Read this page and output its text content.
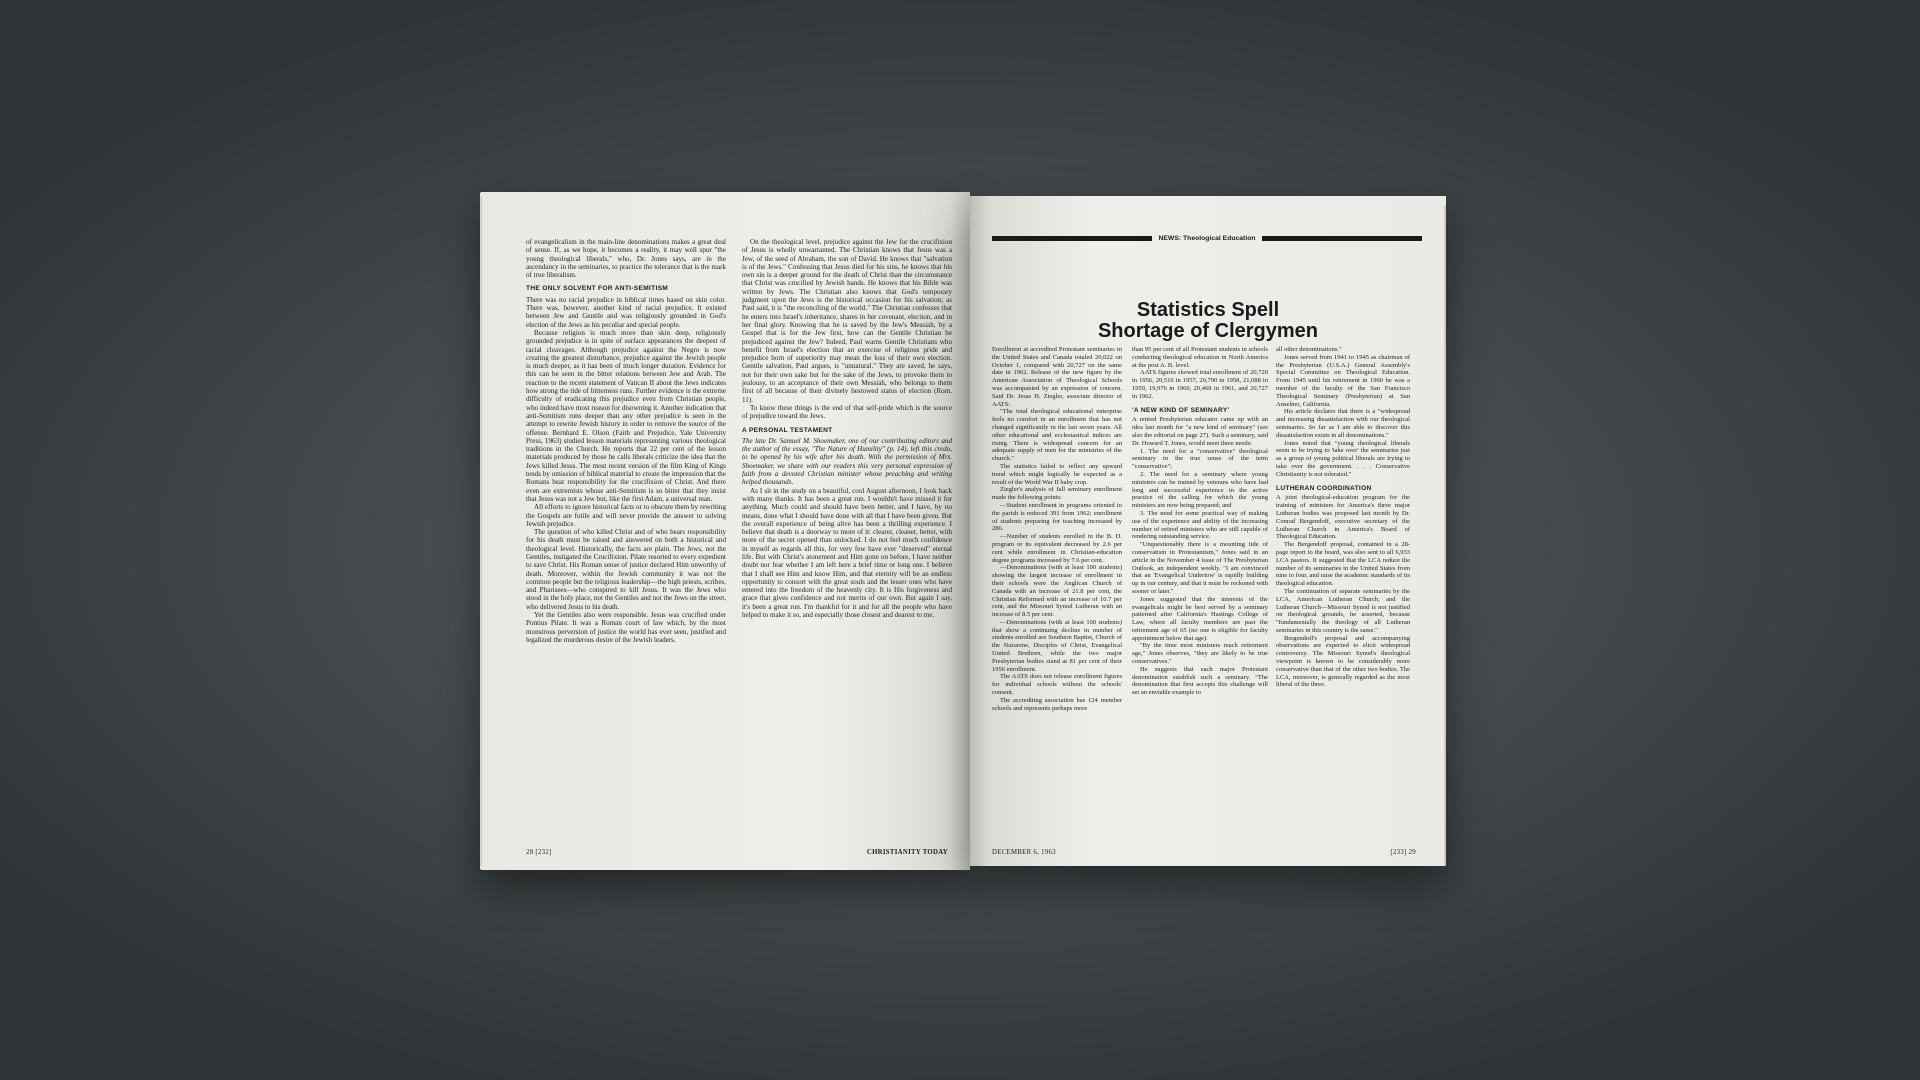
of evangelicalism in the main-line denominations makes a great deal of sense. If, as we hope, it becomes a reality, it may well spur "the young theological liberals," who, Dr. Jones says, are in the ascendancy in the seminaries, to practice the tolerance that is the mark of true liberalism.

THE ONLY SOLVENT FOR ANTI-SEMITISM

There was no racial prejudice in biblical times based on skin color. There was, however, another kind of racial prejudice. It existed between Jew and Gentile and was religiously grounded in God's election of the Jews as his peculiar and special people.

Because religion is much more than skin deep, religiously grounded prejudice is in spite of surface appearances the deepest of racial cleavages. Although prejudice against the Negro is now creating the greatest disturbance, prejudice against the Jewish people is much deeper, as it has been of much longer duration. Evidence for this can be seen in the bitter relations between Jew and Arab. The reaction to the recent statement of Vatican II about the Jews indicates how strong the tide of bitterness runs. Further evidence is the extreme difficulty of eradicating this prejudice even from Christian people, who indeed have most reason for disowning it. Another indication that anti-Semitism runs deeper than any other prejudice is seen in the attempt to rewrite Jewish history in order to remove the source of the offense. Bernhard E. Olson (Faith and Prejudice, Yale University Press, 1963) studied lesson materials representing various theological traditions in the Church. He reports that 22 per cent of the lesson materials produced by those he calls liberals criticize the idea that the Jews killed Jesus. The most recent version of the film King of Kings tends by omission of biblical material to create the impression that the Romans bear responsibility for the crucifixion of Christ. And there even are extremists whose anti-Semitism is so bitter that they insist that Jesus was not a Jew but, like the first Adam, a universal man.

All efforts to ignore historical facts or to obscure them by rewriting the Gospels are futile and will never provide the answer to solving Jewish prejudice.

The question of who killed Christ and of who bears responsibility for his death must be raised and answered on both a historical and theological level. Historically, the facts are plain. The Jews, not the Gentiles, instigated the Crucifixion. Pilate resorted to every expedient to save Christ. His Roman sense of justice declared Him unworthy of death. Moreover, within the Jewish community it was not the common people but the religious leadership—the high priests, scribes, and Pharisees—who conspired to kill Jesus. It was the Jews who stood in the holy place, not the Gentiles and not the Jews on the street, who delivered Jesus to his death.

Yet the Gentiles also were responsible. Jesus was crucified under Pontius Pilate. It was a Roman court of law which, by the most monstrous perversion of justice the world has ever seen, justified and legalized the murderous desire of the Jewish leaders.

On the theological level, prejudice against the Jew for the crucifixion of Jesus is wholly unwarranted. The Christian knows that Jesus was a Jew, of the seed of Abraham, the son of David. He knows that "salvation is of the Jews." Confessing that Jesus died for his sins, he knows that his own sin is a deeper ground for the death of Christ than the circumstance that Christ was crucified by Jewish hands. He knows that his Bible was written by Jews. The Christian also knows that God's temporary judgment upon the Jews is the historical occasion for his salvation; as Paul said, it is "the reconciling of the world." The Christian confesses that he enters into Israel's inheritance, shares in her covenant, election, and in her final glory. Knowing that he is saved by the Jew's Messiah, by a Gospel that is for the Jew first, how can the Gentile Christian be prejudiced against the Jew? Indeed, Paul warns Gentile Christians who benefit from Israel's election that an exercise of religious pride and prejudice born of superiority may mean the loss of their own election. Gentile salvation, Paul argues, is "unnatural." They are saved, he says, not for their own sake but for the sake of the Jews, to provoke them to jealousy, to an acceptance of their own Messiah, who belongs to them first of all because of their divinely bestowed status of election (Rom. 11).

To know these things is the end of that self-pride which is the source of prejudice toward the Jews.

A PERSONAL TESTAMENT

The late Dr. Samuel M. Shoemaker, one of our contributing editors and the author of the essay, "The Nature of Humility" (p. 14), left this credo, to be opened by his wife after his death. With the permission of Mrs. Shoemaker, we share with our readers this very personal expression of faith from a devoted Christian minister whose preaching and writing helped thousands.

As I sit in the study on a beautiful, cool August afternoon, I look back with many thanks. It has been a great run. I wouldn't have missed it for anything. Much could and should have been better, and I have, by no means, done what I should have done with all that I have been given. But the overall experience of being alive has been a thrilling experience. I believe that death is a doorway to more of it: clearer, cleaner, better, with more of the secret opened than unlocked. I do not feel much confidence in myself as regards all this, for very few have ever "deserved" eternal life. But with Christ's atonement and Him gone on before, I have neither doubt nor fear whether I am left here a brief time or long one. I believe that I shall see Him and know Him, and that eternity will be an endless opportunity to consort with the great souls and the lesser ones who have entered into the freedom of the heavenly city. It is His forgiveness and grace that gives confidence and not merits of our own. But again I say, it's been a great run. I'm thankful for it and for all the people who have helped to make it so, and especially those closest and dearest to me.

28 [232]	CHRISTIANITY TODAY
NEWS: Theological Education
Statistics Spell
Shortage of Clergymen

Enrollment at accredited Protestant seminaries in the United States and Canada totaled 20,022 on October 1, compared with 20,727 on the same date in 1962. Release of the new figure by the American Association of Theological Schools was accompanied by an expression of concern. Said Dr. Jesse H. Ziegler, associate director of AATS:

"The total theological educational enterprise feels no comfort in an enrollment that has not changed significantly in the last seven years. All other educational and ecclesiastical indices are rising. There is widespread concern for an adequate supply of men for the ministries of the church."

The statistics failed to reflect any upward trend which might logically be expected as a result of the World War II baby crop.

Ziegler's analysis of fall seminary enrollment made the following points:

—Student enrollment in programs oriented to the parish is reduced 391 from 1962; enrollment of students preparing for teaching increased by 286.

—Number of students enrolled in the B. D. program or its equivalent decreased by 2.6 per cent while enrollment in Christian-education degree programs increased by 7.6 per cent.

—Denominations (with at least 100 students) showing the largest increase of enrollment in their schools were the Anglican Church of Canada with an increase of 21.8 per cent, the Christian Reformed with an increase of 10.7 per cent, and the Missouri Synod Lutheran with an increase of 8.5 per cent.

—Denominations (with at least 100 students) that show a continuing decline in number of students enrolled are Southern Baptist, Church of the Nazarene, Disciples of Christ, Evangelical United Brethren, while the two major Presbyterian bodies stand at 81 per cent of their 1956 enrollment.

The AATS does not release enrollment figures for individual schools without the schools' consent.

The accrediting association has 124 member schools and represents perhaps more

than 95 per cent of all Protestant students in schools conducting theological education in North America at the post A. B. level.

AATS figures showed total enrollment of 20,720 in 1956, 20,516 in 1957, 20,790 in 1958, 21,088 in 1959, 19,976 in 1960, 20,468 in 1961, and 20,727 in 1962.

'A NEW KIND OF SEMINARY'

A retired Presbyterian educator came up with an idea last month for "a new kind of seminary" (see also the editorial on page 27). Such a seminary, said Dr. Howard T. Jones, would meet three needs:

1. The need for a "conservative" theological seminary in the true sense of the term "conservative";

2. The need for a seminary where young ministers can be trained by veterans who have had long and successful experience in the active practice of the calling for which the young ministers are now being prepared; and

3. The need for some practical way of making use of the experience and ability of the increasing number of retired ministers who are still capable of rendering outstanding service.

"Unquestionably there is a mounting tide of conservatism in Protestantism," Jones said in an article in the November 4 issue of The Presbyterian Outlook, an independent weekly. "I am convinced that an 'Evangelical Undertow' is rapidly building up in our century, and that it must be reckoned with sooner or later."

Jones suggested that the interests of the evangelicals might be best served by a seminary patterned after California's Hastings College of Law, where all faculty members are past the retirement age of 65 (no one is eligible for faculty appointment below that age).

"By the time most ministers reach retirement age," Jones observes, "they are likely to be true conservatives."

He suggests that each major Protestant denomination establish such a seminary. "The denomination that first accepts this challenge will set an enviable example to

all other denominations."

Jones served from 1941 to 1945 as chairman of the Presbyterian (U.S.A.) General Assembly's Special Committee on Theological Education. From 1945 until his retirement in 1960 he was a member of the faculty of the San Francisco Theological Seminary (Presbyterian) at San Anselmo, California.

His article declares that there is a "widespread and increasing dissatisfaction with our theological seminaries. So far as I am able to discover this dissatisfaction exists in all denominations."

Jones noted that "young theological liberals seem to be trying to 'take over' the seminaries just as a group of young political liberals are trying to take over the government. . . . Conservative Christianity is not tolerated."

LUTHERAN COORDINATION

A joint theological-education program for the training of ministers for America's three major Lutheran bodies was proposed last month by Dr. Conrad Bergendoff, executive secretary of the Lutheran Church in America's Board of Theological Education.

The Bergendoff proposal, contained in a 28-page report to the board, was also sent to all 6,933 LCA pastors. It suggested that the LCA reduce the number of its seminaries in the United States from nine to four, and raise the academic standards of its theological education.

The continuation of separate seminaries by the LCA, American Lutheran Church, and the Lutheran Church—Missouri Synod is not justified on theological grounds, he asserted, because "fundamentally the theology of all Lutheran seminaries in this country is the same."

Bergendoff's proposal and accompanying observations are expected to elicit widespread controversy. The Missouri Synod's theological viewpoint is known to be considerably more conservative than that of the other two bodies. The LCA, moreover, is generally regarded as the most liberal of the three.

DECEMBER 6, 1963	[233] 29
